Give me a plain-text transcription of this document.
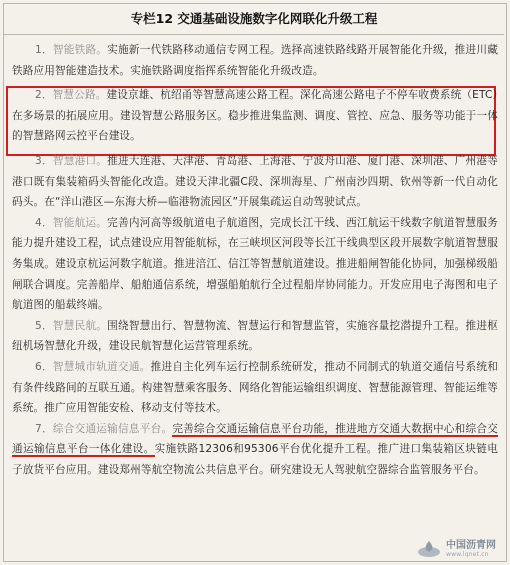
专栏12 交通基础设施数字化网联化升级工程

1．智能铁路。实施新一代铁路移动通信专网工程。选择高速铁路线路开展智能化升级，推进川藏铁路应用智能建造技术。实施铁路调度指挥系统智能化升级改造。

2．智慧公路。建设京雄、杭绍甬等智慧高速公路工程。深化高速公路电子不停车收费系统（ETC）在多场景的拓展应用。建设智慧公路服务区。稳步推进集监测、调度、管控、应急、服务等功能于一体的智慧路网云控平台建设。

3．智慧港口。推进大连港、天津港、青岛港、上海港、宁波舟山港、厦门港、深圳港、广州港等港口既有集装箱码头智能化改造。建设天津北疆C段、深圳海星、广州南沙四期、钦州等新一代自动化码头。在“洋山港区—东海大桥—临港物流园区”开展集疏运自动驾驶试点。

4．智能航运。完善内河高等级航道电子航道图，完成长江干线、西江航运干线数字航道智慧服务能力提升建设工程，试点建设应用智能航标，在三峡坝区河段等长江干线典型区段开展数字航道智慧服务集成。建设京杭运河数字航道。推进涪江、信江等智慧航道建设。推进船闸智能化协同，加强梯级船闸联合调度。完善船岸、船舶通信系统，增强船舶航行全过程船岸协同能力。开发应用电子海图和电子航道图的船载终端。

5．智慧民航。围绕智慧出行、智慧物流、智慧运行和智慧监管，实施容量挖潜提升工程。推进枢纽机场智慧化升级，建设民航智慧化运营管理系统。

6．智慧城市轨道交通。推进自主化列车运行控制系统研发，推动不同制式的轨道交通信号系统和有条件线路间的互联互通。构建智慧乘客服务、网络化智能运输组织调度、智慧能源管理、智能运维等系统。推广应用智能安检、移动支付等技术。

7．综合交通运输信息平台。完善综合交通运输信息平台功能，推进地方交通大数据中心和综合交通运输信息平台一体化建设。实施铁路12306和95306平台优化提升工程。推广进口集装箱区块链电子放货平台应用。建设郑州等航空物流公共信息平台。研究建设无人驾驶航空器综合监管服务平台。

中国沥青网
www.lqnet.cn
